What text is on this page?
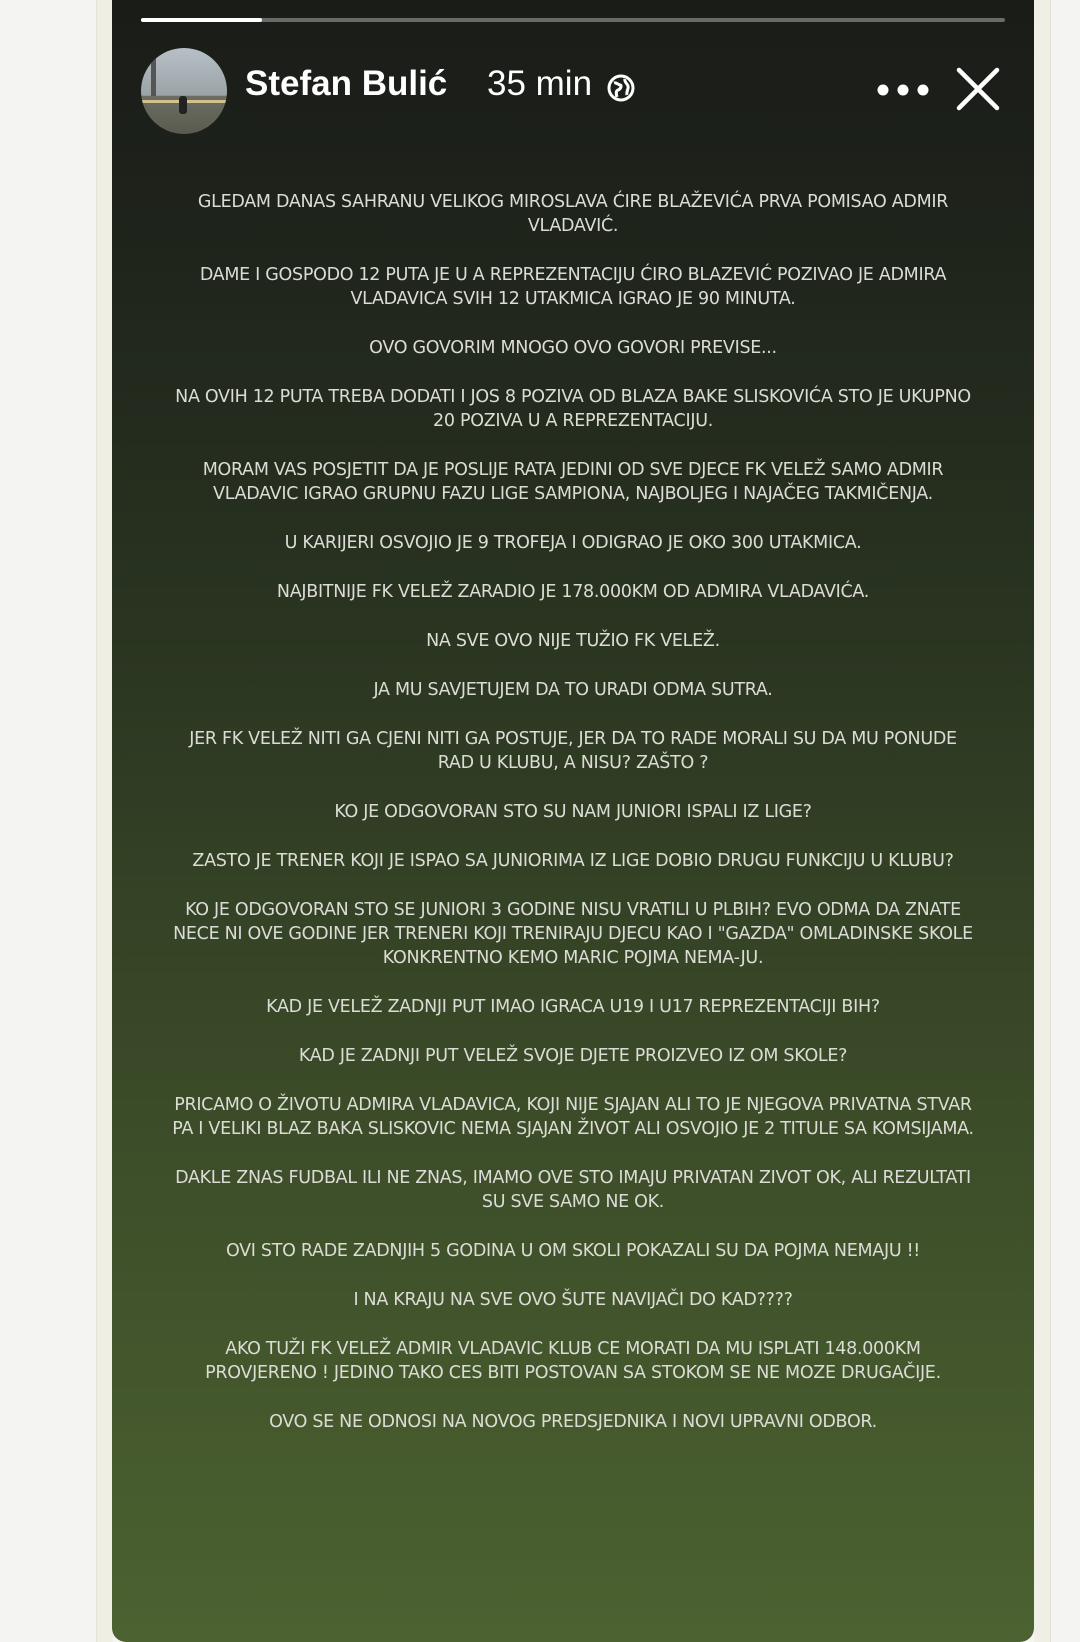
Stefan Bulić 35 min

GLEDAM DANAS SAHRANU VELIKOG MIROSLAVA ĆIRE BLAŽEVIĆA PRVA POMISAO ADMIR VLADAVIĆ.

DAME I GOSPODO 12 PUTA JE U A REPREZENTACIJU ĆIRO BLAZEVIĆ POZIVAO JE ADMIRA VLADAVICA SVIH 12 UTAKMICA IGRAO JE 90 MINUTA.

OVO GOVORIM MNOGO OVO GOVORI PREVISE...

NA OVIH 12 PUTA TREBA DODATI I JOS 8 POZIVA OD BLAZA BAKE SLISKOVIĆA STO JE UKUPNO 20 POZIVA U A REPREZENTACIJU.

MORAM VAS POSJETIT DA JE POSLIJE RATA JEDINI OD SVE DJECE FK VELEŽ SAMO ADMIR VLADAVIC IGRAO GRUPNU FAZU LIGE SAMPIONA, NAJBOLJEG I NAJAČEG TAKMIČENJA.

U KARIJERI OSVOJIO JE 9 TROFEJA I ODIGRAO JE OKO 300 UTAKMICA.

NAJBITNIJE FK VELEŽ ZARADIO JE 178.000KM OD ADMIRA VLADAVIĆA.

NA SVE OVO NIJE TUŽIO FK VELEŽ.

JA MU SAVJETUJEM DA TO URADI ODMA SUTRA.

JER FK VELEŽ NITI GA CJENI NITI GA POSTUJE, JER DA TO RADE MORALI SU DA MU PONUDE RAD U KLUBU, A NISU? ZAŠTO ?

KO JE ODGOVORAN STO SU NAM JUNIORI ISPALI IZ LIGE?

ZASTO JE TRENER KOJI JE ISPAO SA JUNIORIMA IZ LIGE DOBIO DRUGU FUNKCIJU U KLUBU?

KO JE ODGOVORAN STO SE JUNIORI 3 GODINE NISU VRATILI U PLBIH? EVO ODMA DA ZNATE NECE NI OVE GODINE JER TRENERI KOJI TRENIRAJU DJECU KAO I "GAZDA" OMLADINSKE SKOLE KONKRENTNO KEMO MARIC POJMA NEMA-JU.

KAD JE VELEŽ ZADNJI PUT IMAO IGRACA U19 I U17 REPREZENTACIJI BIH?

KAD JE ZADNJI PUT VELEŽ SVOJE DJETE PROIZVEO IZ OM SKOLE?

PRICAMO O ŽIVOTU ADMIRA VLADAVICA, KOJI NIJE SJAJAN ALI TO JE NJEGOVA PRIVATNA STVAR PA I VELIKI BLAZ BAKA SLISKOVIC NEMA SJAJAN ŽIVOT ALI OSVOJIO JE 2 TITULE SA KOMSIJAMA.

DAKLE ZNAS FUDBAL ILI NE ZNAS, IMAMO OVE STO IMAJU PRIVATAN ZIVOT OK, ALI REZULTATI SU SVE SAMO NE OK.

OVI STO RADE ZADNJIH 5 GODINA U OM SKOLI POKAZALI SU DA POJMA NEMAJU !!

I NA KRAJU NA SVE OVO ŠUTE NAVIJAČI DO KAD????

AKO TUŽI FK VELEŽ ADMIR VLADAVIC KLUB CE MORATI DA MU ISPLATI 148.000KM PROVJERENO ! JEDINO TAKO CES BITI POSTOVAN SA STOKOM SE NE MOZE DRUGAČIJE.

OVO SE NE ODNOSI NA NOVOG PREDSJEDNIKA I NOVI UPRAVNI ODBOR.
